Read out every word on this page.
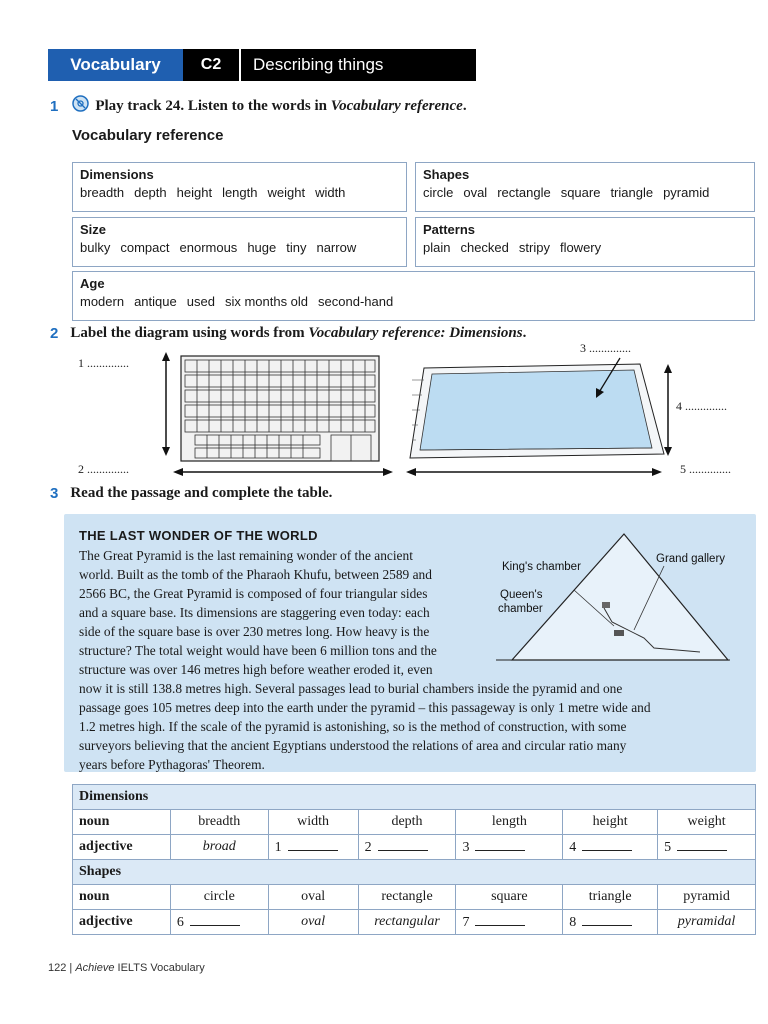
Vocabulary	C2	Describing things
1 Play track 24. Listen to the words in Vocabulary reference.
Vocabulary reference
Dimensions
breadth depth height length weight width
Shapes
circle oval rectangle square triangle pyramid
Size
bulky compact enormous huge tiny narrow
Patterns
plain checked stripy flowery
Age
modern antique used six months old second-hand
2 Label the diagram using words from Vocabulary reference: Dimensions.
1 ..............
2 ..............
3 ..............
4 ..............
5 ..............
3 Read the passage and complete the table.
THE LAST WONDER OF THE WORLD
The Great Pyramid is the last remaining wonder of the ancient
world. Built as the tomb of the Pharaoh Khufu, between 2589 and
2566 BC, the Great Pyramid is composed of four triangular sides
and a square base. Its dimensions are staggering even today: each
side of the square base is over 230 metres long. How heavy is the
structure? The total weight would have been 6 million tons and the
structure was over 146 metres high before weather eroded it, even
now it is still 138.8 metres high. Several passages lead to burial chambers inside the pyramid and one
passage goes 105 metres deep into the earth under the pyramid – this passageway is only 1 metre wide and
1.2 metres high. If the scale of the pyramid is astonishing, so is the method of construction, with some
surveyors believing that the ancient Egyptians understood the relations of area and circular ratio many
years before Pythagoras' Theorem.
King's chamber
Grand gallery
Queen's
chamber
Dimensions						
noun	breadth	width	depth	length	height	weight
adjective	broad	1	2	3	4	5
Shapes						
noun	circle	oval	rectangle	square	triangle	pyramid
adjective	6	oval	rectangular	7	8	pyramidal
122 | Achieve IELTS Vocabulary
